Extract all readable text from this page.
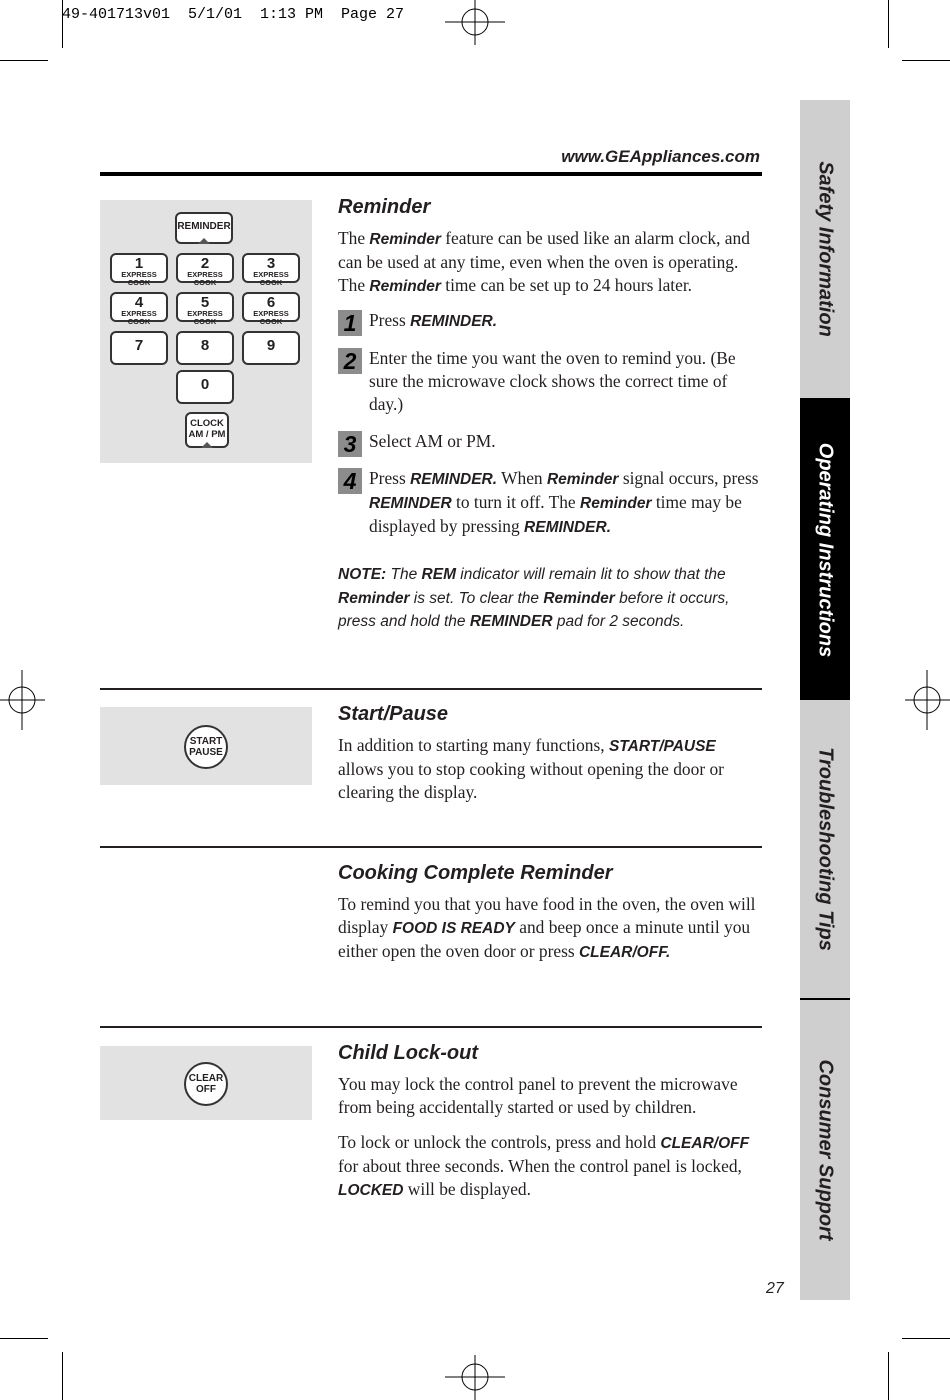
49-401713v01  5/1/01  1:13 PM  Page 27
www.GEAppliances.com
Safety Information
Operating Instructions
Troubleshooting Tips
Consumer Support
REMINDER
1
EXPRESS COOK
2
EXPRESS COOK
3
EXPRESS COOK
4
EXPRESS COOK
5
EXPRESS COOK
6
EXPRESS COOK
7	8	9
0
CLOCK
AM / PM
Reminder

The Reminder feature can be used like an alarm clock, and can be used at any time, even when the oven is operating. The Reminder time can be set up to 24 hours later.

1 Press REMINDER.
2 Enter the time you want the oven to remind you. (Be sure the microwave clock shows the correct time of day.)
3 Select AM or PM.
4 Press REMINDER. When Reminder signal occurs, press REMINDER to turn it off. The Reminder time may be displayed by pressing REMINDER.

NOTE: The REM indicator will remain lit to show that the Reminder is set. To clear the Reminder before it occurs, press and hold the REMINDER pad for 2 seconds.

START
PAUSE
Start/Pause

In addition to starting many functions, START/PAUSE allows you to stop cooking without opening the door or clearing the display.

Cooking Complete Reminder

To remind you that you have food in the oven, the oven will display FOOD IS READY and beep once a minute until you either open the oven door or press CLEAR/OFF.

CLEAR
OFF
Child Lock-out

You may lock the control panel to prevent the microwave from being accidentally started or used by children.

To lock or unlock the controls, press and hold CLEAR/OFF for about three seconds. When the control panel is locked, LOCKED will be displayed.

27
